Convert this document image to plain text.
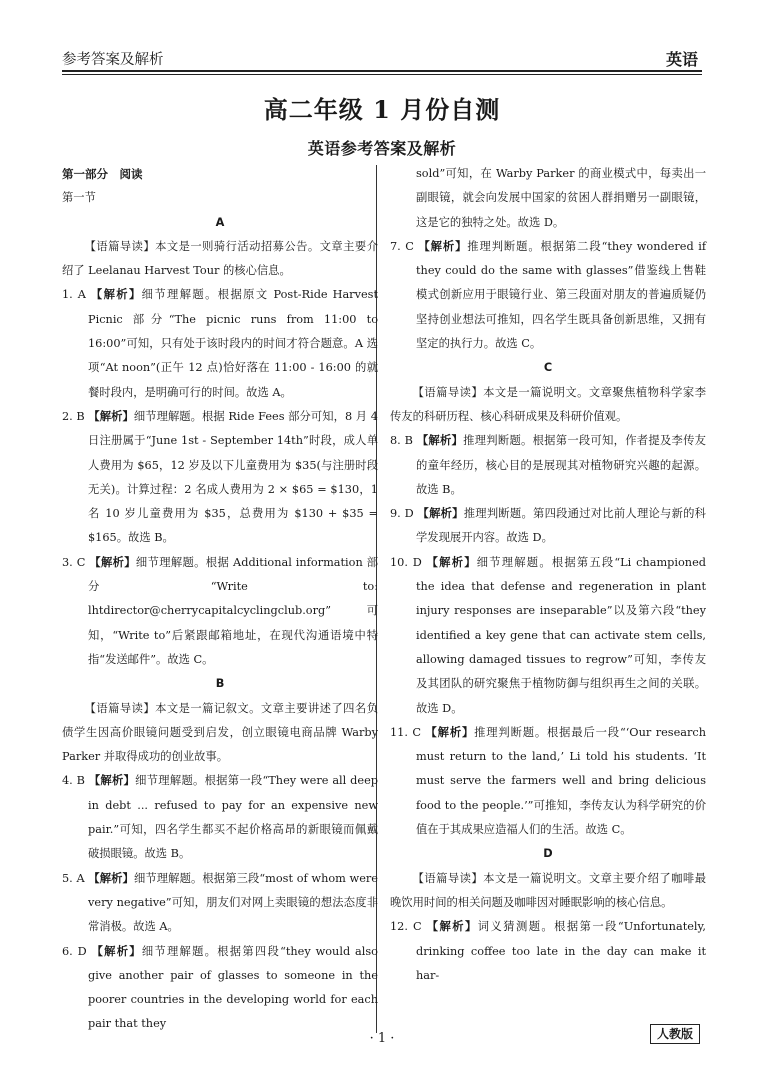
参考答案及解析	英语
高二年级 1 月份自测
英语参考答案及解析

第一部分　阅读

第一节

A

【语篇导读】本文是一则骑行活动招募公告。文章主要介绍了 Leelanau Harvest Tour 的核心信息。

1. A 【解析】细节理解题。根据原文 Post-Ride Harvest Picnic 部分“The picnic runs from 11:00 to 16:00”可知，只有处于该时段内的时间才符合题意。A 选项“At noon”(正午 12 点)恰好落在 11:00 - 16:00 的就餐时段内，是明确可行的时间。故选 A。

2. B 【解析】细节理解题。根据 Ride Fees 部分可知，8 月 4 日注册属于“June 1st - September 14th”时段，成人单人费用为 $65，12 岁及以下儿童费用为 $35(与注册时段无关)。计算过程：2 名成人费用为 2 × $65 = $130，1 名 10 岁儿童费用为 $35，总费用为 $130 + $35 = $165。故选 B。

3. C 【解析】细节理解题。根据 Additional information 部分“Write to: lhtdirector@cherrycapitalcyclingclub.org”可知，“Write to”后紧跟邮箱地址，在现代沟通语境中特指“发送邮件”。故选 C。

B

【语篇导读】本文是一篇记叙文。文章主要讲述了四名负债学生因高价眼镜问题受到启发，创立眼镜电商品牌 Warby Parker 并取得成功的创业故事。

4. B 【解析】细节理解题。根据第一段“They were all deep in debt ... refused to pay for an expensive new pair.”可知，四名学生都买不起价格高昂的新眼镜而佩戴破损眼镜。故选 B。

5. A 【解析】细节理解题。根据第三段“most of whom were very negative”可知，朋友们对网上卖眼镜的想法态度非常消极。故选 A。

6. D 【解析】细节理解题。根据第四段“they would also give another pair of glasses to someone in the poorer countries in the developing world for each pair that they

sold”可知，在 Warby Parker 的商业模式中，每卖出一副眼镜，就会向发展中国家的贫困人群捐赠另一副眼镜，这是它的独特之处。故选 D。

7. C 【解析】推理判断题。根据第二段“they wondered if they could do the same with glasses”借鉴线上售鞋模式创新应用于眼镜行业、第三段面对朋友的普遍质疑仍坚持创业想法可推知，四名学生既具备创新思维，又拥有坚定的执行力。故选 C。

C

【语篇导读】本文是一篇说明文。文章聚焦植物科学家李传友的科研历程、核心科研成果及科研价值观。

8. B 【解析】推理判断题。根据第一段可知，作者提及李传友的童年经历，核心目的是展现其对植物研究兴趣的起源。故选 B。

9. D 【解析】推理判断题。第四段通过对比前人理论与新的科学发现展开内容。故选 D。

10. D 【解析】细节理解题。根据第五段“Li championed the idea that defense and regeneration in plant injury responses are inseparable”以及第六段“they identified a key gene that can activate stem cells, allowing damaged tissues to regrow”可知，李传友及其团队的研究聚焦于植物防御与组织再生之间的关联。故选 D。

11. C 【解析】推理判断题。根据最后一段“‘Our research must return to the land,’ Li told his students. ‘It must serve the farmers well and bring delicious food to the people.’”可推知，李传友认为科学研究的价值在于其成果应造福人们的生活。故选 C。

D

【语篇导读】本文是一篇说明文。文章主要介绍了咖啡最晚饮用时间的相关问题及咖啡因对睡眠影响的核心信息。

12. C 【解析】词义猜测题。根据第一段“Unfortunately, drinking coffee too late in the day can make it har-

· 1 ·	人教版
